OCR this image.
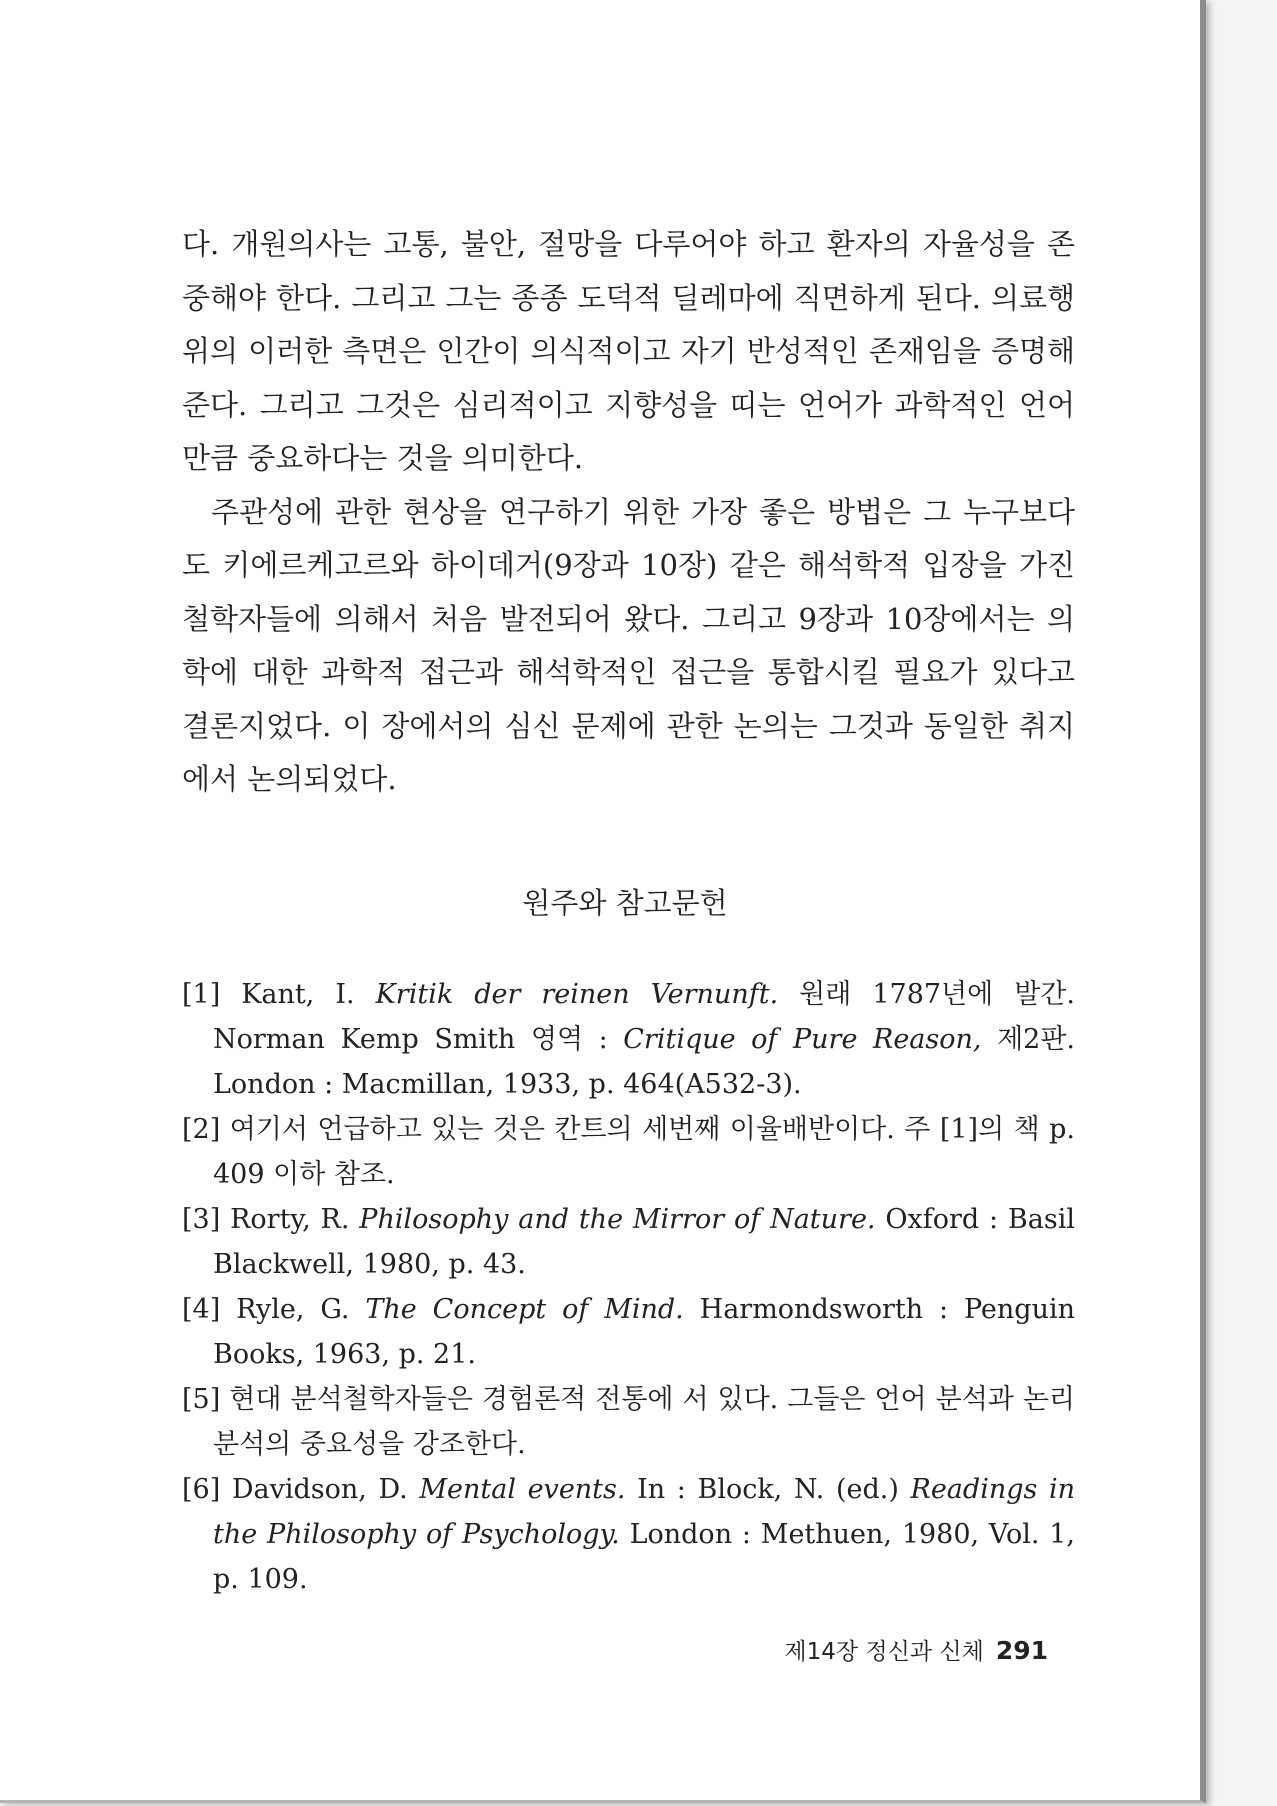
다. 개원의사는 고통, 불안, 절망을 다루어야 하고 환자의 자율성을 존중해야 한다. 그리고 그는 종종 도덕적 딜레마에 직면하게 된다. 의료행위의 이러한 측면은 인간이 의식적이고 자기 반성적인 존재임을 증명해 준다. 그리고 그것은 심리적이고 지향성을 띠는 언어가 과학적인 언어만큼 중요하다는 것을 의미한다.

주관성에 관한 현상을 연구하기 위한 가장 좋은 방법은 그 누구보다도 키에르케고르와 하이데거(9장과 10장) 같은 해석학적 입장을 가진 철학자들에 의해서 처음 발전되어 왔다. 그리고 9장과 10장에서는 의학에 대한 과학적 접근과 해석학적인 접근을 통합시킬 필요가 있다고 결론지었다. 이 장에서의 심신 문제에 관한 논의는 그것과 동일한 취지에서 논의되었다.

원주와 참고문헌
[1] Kant, I. Kritik der reinen Vernunft. 원래 1787년에 발간. Norman Kemp Smith 영역 : Critique of Pure Reason, 제2판. London : Macmillan, 1933, p. 464(A532-3).
[2] 여기서 언급하고 있는 것은 칸트의 세번째 이율배반이다. 주 [1]의 책 p. 409 이하 참조.
[3] Rorty, R. Philosophy and the Mirror of Nature. Oxford : Basil Blackwell, 1980, p. 43.
[4] Ryle, G. The Concept of Mind. Harmondsworth : Penguin Books, 1963, p. 21.
[5] 현대 분석철학자들은 경험론적 전통에 서 있다. 그들은 언어 분석과 논리 분석의 중요성을 강조한다.
[6] Davidson, D. Mental events. In : Block, N. (ed.) Readings in the Philosophy of Psychology. London : Methuen, 1980, Vol. 1, p. 109.
제14장 정신과 신체 291
